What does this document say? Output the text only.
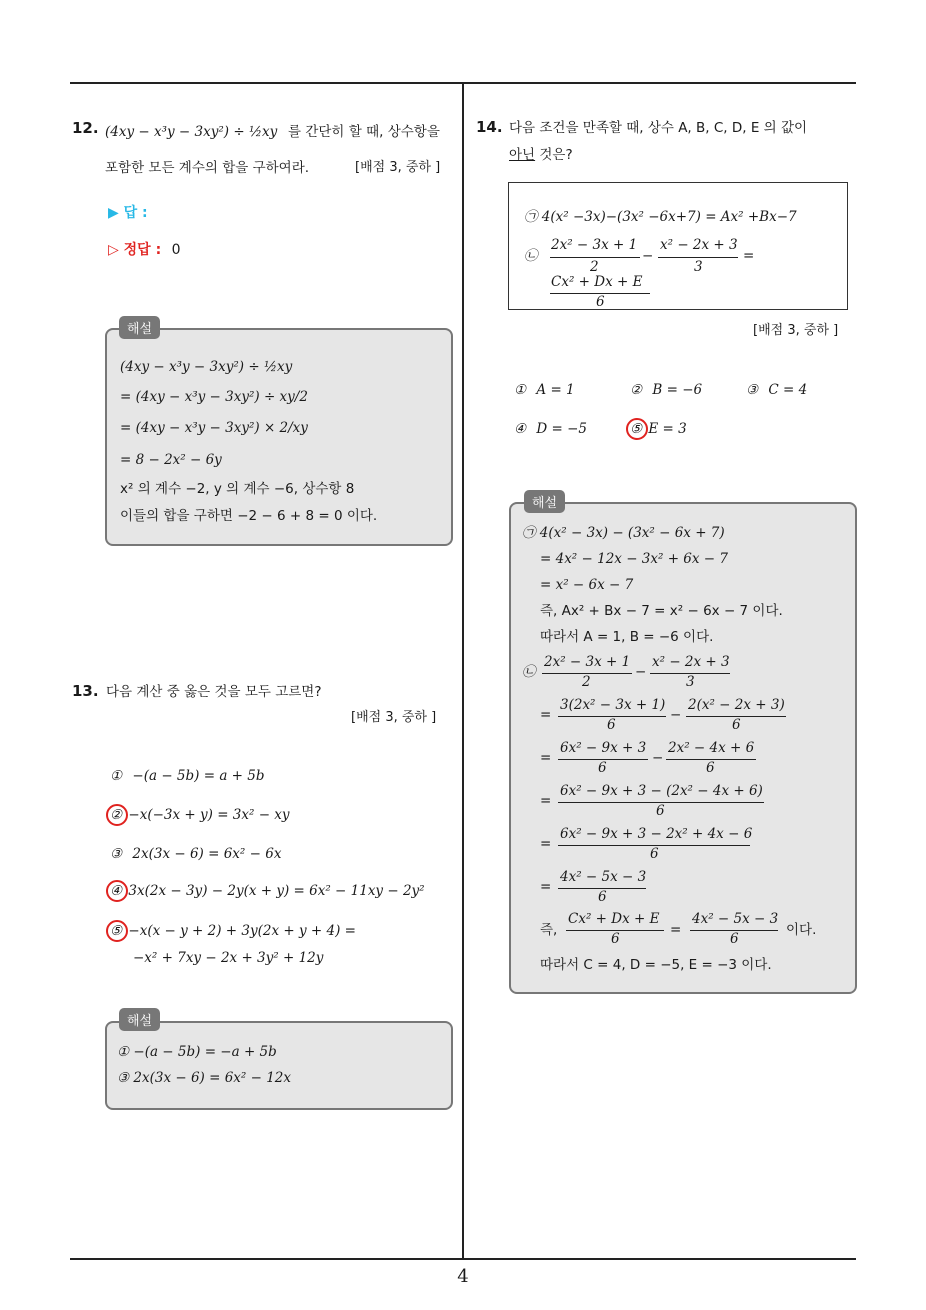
4
12. (4xy − x³y − 3xy²) ÷ ½xy 를 간단히 할 때, 상수항을
포함한 모든 계수의 합을 구하여라.	[배점 3, 중하 ]
▶ 답 :
▷ 정답 : 0
해설
(4xy − x³y − 3xy²) ÷ ½xy
= (4xy − x³y − 3xy²) ÷ xy/2
= (4xy − x³y − 3xy²) × 2/xy
= 8 − 2x² − 6y
x² 의 계수 −2, y 의 계수 −6, 상수항 8
이들의 합을 구하면 −2 − 6 + 8 = 0 이다.
13. 다음 계산 중 옳은 것을 모두 고르면?
[배점 3, 중하 ]
① −(a − 5b) = a + 5b
② −x(−3x + y) = 3x² − xy
③ 2x(3x − 6) = 6x² − 6x
④ 3x(2x − 3y) − 2y(x + y) = 6x² − 11xy − 2y²
⑤ −x(x − y + 2) + 3y(2x + y + 4) =
−x² + 7xy − 2x + 3y² + 12y
해설
① −(a − 5b) = −a + 5b
③ 2x(3x − 6) = 6x² − 12x
14. 다음 조건을 만족할 때, 상수 A, B, C, D, E 의 값이
아닌 것은?
㉠ 4(x² −3x)−(3x² −6x+7) = Ax² +Bx−7
㉡
2x² − 3x + 1
2
−
x² − 2x + 3
3
=
Cx² + Dx + E
6
[배점 3, 중하 ]
① A = 1	② B = −6	③ C = 4
④ D = −5	⑤ E = 3
해설
㉠ 4(x² − 3x) − (3x² − 6x + 7)
= 4x² − 12x − 3x² + 6x − 7
= x² − 6x − 7
즉, Ax² + Bx − 7 = x² − 6x − 7 이다.
따라서 A = 1, B = −6 이다.
㉡
2x² − 3x + 1
2
−
x² − 2x + 3
3
=
3(2x² − 3x + 1)
6
−
2(x² − 2x + 3)
6
=
6x² − 9x + 3
6
−
2x² − 4x + 6
6
=
6x² − 9x + 3 − (2x² − 4x + 6)
6
=
6x² − 9x + 3 − 2x² + 4x − 6
6
=
4x² − 5x − 3
6
즉,
Cx² + Dx + E
6
=
4x² − 5x − 3
6
이다.
따라서 C = 4, D = −5, E = −3 이다.
